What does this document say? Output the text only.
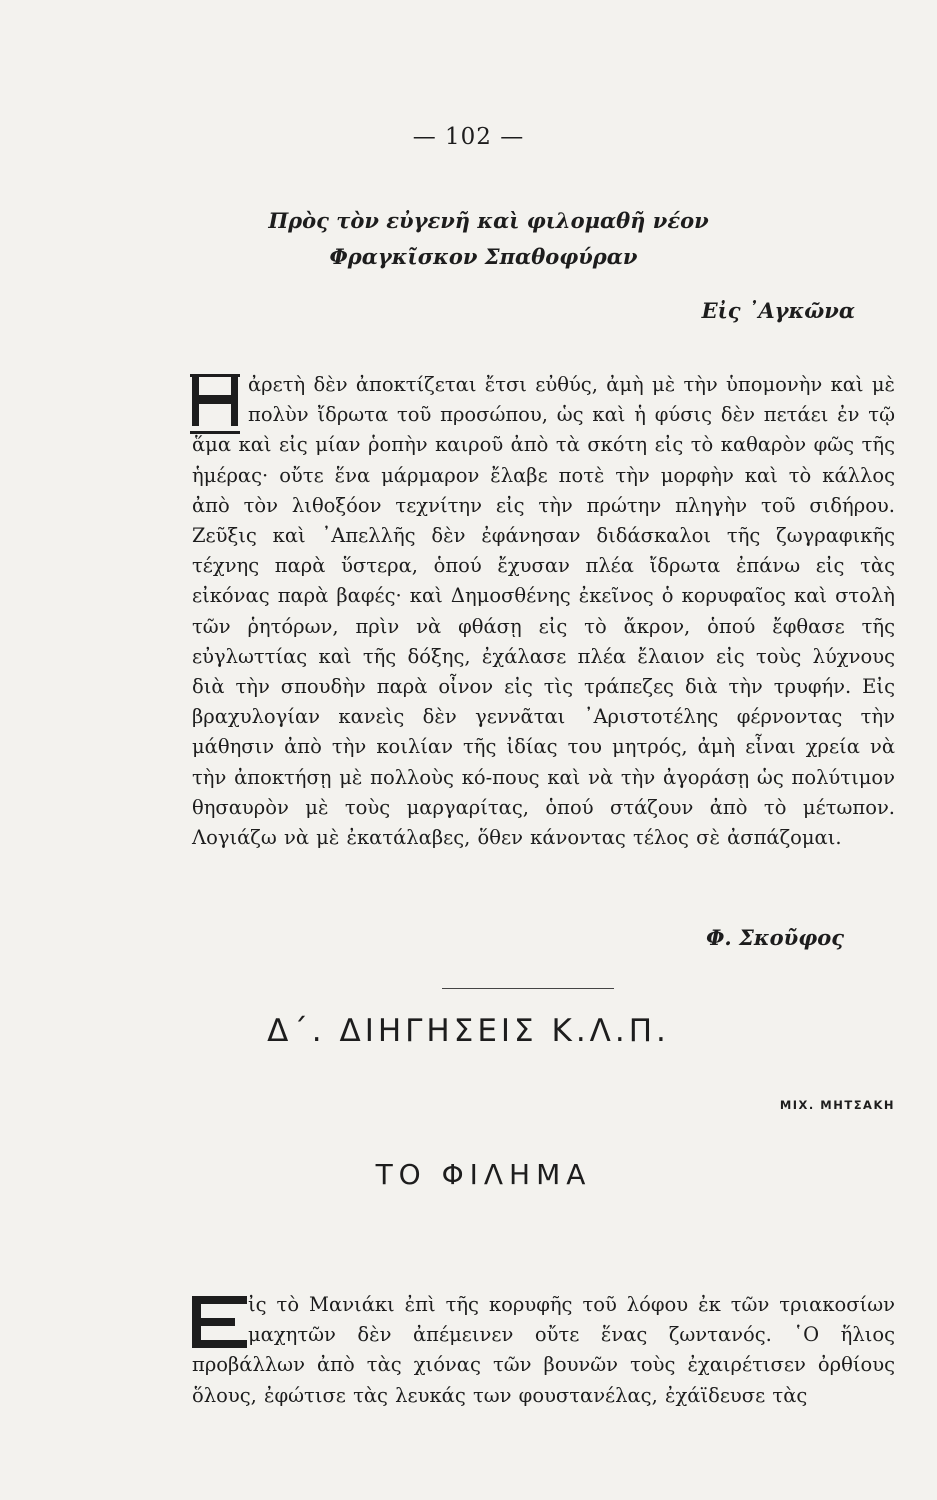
— 102 —
Πρὸς τὸν εὐγενῆ καὶ φιλομαθῆ νέον
Φραγκῖσκον Σπαθοφύραν
Εἰς ᾿Αγκῶνα
ἀρετὴ δὲν ἀποκτίζεται ἔτσι εὐθύς, ἀμὴ μὲ τὴν ὑπομονὴν καὶ μὲ πολὺν ἴδρωτα τοῦ προσώπου, ὡς καὶ ἡ φύσις δὲν πετάει ἐν τῷ ἅμα καὶ εἰς μίαν ῥοπὴν καιροῦ ἀπὸ τὰ σκότη εἰς τὸ καθαρὸν φῶς τῆς ἡμέρας· οὔτε ἕνα μάρμαρον ἔλαβε ποτὲ τὴν μορφὴν καὶ τὸ κάλλος ἀπὸ τὸν λιθοξόον τεχνίτην εἰς τὴν πρώτην πληγὴν τοῦ σιδήρου. Ζεῦξις καὶ ᾿Απελλῆς δὲν ἐφάνησαν διδάσκαλοι τῆς ζωγραφικῆς τέχνης παρὰ ὕστερα, ὁπού ἔχυσαν πλέα ἴδρωτα ἐπάνω εἰς τὰς εἰκόνας παρὰ βαφές· καὶ Δημοσθένης ἐκεῖνος ὁ κορυφαῖος καὶ στολὴ τῶν ῥητόρων, πρὶν νὰ φθάσῃ εἰς τὸ ἄκρον, ὁπού ἔφθασε τῆς εὐγλωττίας καὶ τῆς δόξης, ἐχάλασε πλέα ἔλαιον εἰς τοὺς λύχνους διὰ τὴν σπουδὴν παρὰ οἶνον εἰς τὶς τράπεζες διὰ τὴν τρυφήν. Εἰς βραχυλογίαν κανεὶς δὲν γεννᾶται ᾿Αριστοτέλης φέρνοντας τὴν μάθησιν ἀπὸ τὴν κοιλίαν τῆς ἰδίας του μητρός, ἀμὴ εἶναι χρεία νὰ τὴν ἀποκτήσῃ μὲ πολλοὺς κό-πους καὶ νὰ τὴν ἀγοράσῃ ὡς πολύτιμον θησαυρὸν μὲ τοὺς μαργαρίτας, ὁπού στάζουν ἀπὸ τὸ μέτωπον. Λογιάζω νὰ μὲ ἐκατάλαβες, ὅθεν κάνοντας τέλος σὲ ἀσπάζομαι.
Φ. Σκοῦφος
Δ΄. ΔΙΗΓΗΣΕΙΣ Κ.Λ.Π.
ΜΙΧ. ΜΗΤΣΑΚΗ
ΤΟ ΦΙΛΗΜΑ
ἰς τὸ Μανιάκι ἐπὶ τῆς κορυφῆς τοῦ λόφου ἐκ τῶν τριακοσίων μαχητῶν δὲν ἀπέμεινεν οὔτε ἕνας ζωντανός. ῾Ο ἥλιος προβάλλων ἀπὸ τὰς χιόνας τῶν βουνῶν τοὺς ἐχαιρέτισεν ὀρθίους ὅλους, ἐφώτισε τὰς λευκάς των φουστανέλας, ἐχάϊδευσε τὰς
